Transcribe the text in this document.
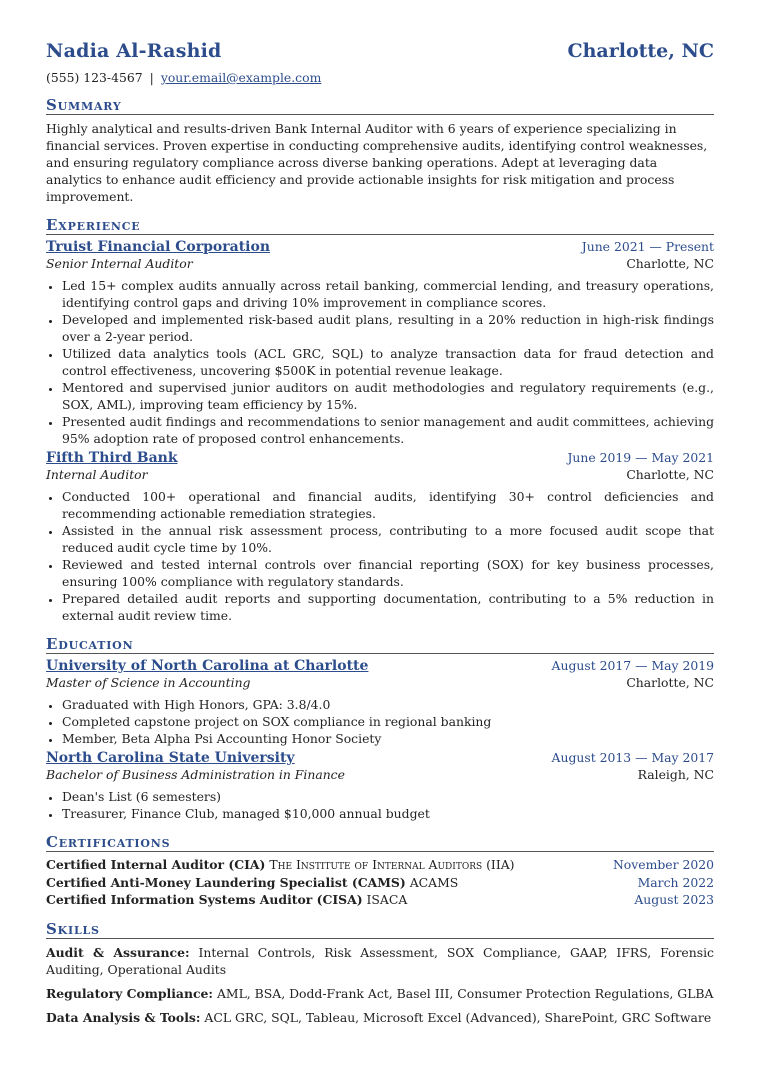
Nadia Al-Rashid	Charlotte, NC
(555) 123-4567 | your.email@example.com
Summary
Highly analytical and results-driven Bank Internal Auditor with 6 years of experience specializing in financial services. Proven expertise in conducting comprehensive audits, identifying control weaknesses, and ensuring regulatory compliance across diverse banking operations. Adept at leveraging data analytics to enhance audit efficiency and provide actionable insights for risk mitigation and process improvement.
Experience
Truist Financial Corporation	June 2021 — Present
Senior Internal Auditor	Charlotte, NC
• Led 15+ complex audits annually across retail banking, commercial lending, and treasury operations, identifying control gaps and driving 10% improvement in compliance scores.
• Developed and implemented risk-based audit plans, resulting in a 20% reduction in high-risk findings over a 2-year period.
• Utilized data analytics tools (ACL GRC, SQL) to analyze transaction data for fraud detection and control effectiveness, uncovering $500K in potential revenue leakage.
• Mentored and supervised junior auditors on audit methodologies and regulatory requirements (e.g., SOX, AML), improving team efficiency by 15%.
• Presented audit findings and recommendations to senior management and audit committees, achieving 95% adoption rate of proposed control enhancements.
Fifth Third Bank	June 2019 — May 2021
Internal Auditor	Charlotte, NC
• Conducted 100+ operational and financial audits, identifying 30+ control deficiencies and recommending actionable remediation strategies.
• Assisted in the annual risk assessment process, contributing to a more focused audit scope that reduced audit cycle time by 10%.
• Reviewed and tested internal controls over financial reporting (SOX) for key business processes, ensuring 100% compliance with regulatory standards.
• Prepared detailed audit reports and supporting documentation, contributing to a 5% reduction in external audit review time.
Education
University of North Carolina at Charlotte	August 2017 — May 2019
Master of Science in Accounting	Charlotte, NC
• Graduated with High Honors, GPA: 3.8/4.0
• Completed capstone project on SOX compliance in regional banking
• Member, Beta Alpha Psi Accounting Honor Society
North Carolina State University	August 2013 — May 2017
Bachelor of Business Administration in Finance	Raleigh, NC
• Dean's List (6 semesters)
• Treasurer, Finance Club, managed $10,000 annual budget
Certifications
Certified Internal Auditor (CIA) The Institute of Internal Auditors (IIA)	November 2020
Certified Anti-Money Laundering Specialist (CAMS) ACAMS	March 2022
Certified Information Systems Auditor (CISA) ISACA	August 2023
Skills
Audit & Assurance: Internal Controls, Risk Assessment, SOX Compliance, GAAP, IFRS, Forensic Auditing, Operational Audits
Regulatory Compliance: AML, BSA, Dodd-Frank Act, Basel III, Consumer Protection Regulations, GLBA
Data Analysis & Tools: ACL GRC, SQL, Tableau, Microsoft Excel (Advanced), SharePoint, GRC Software
